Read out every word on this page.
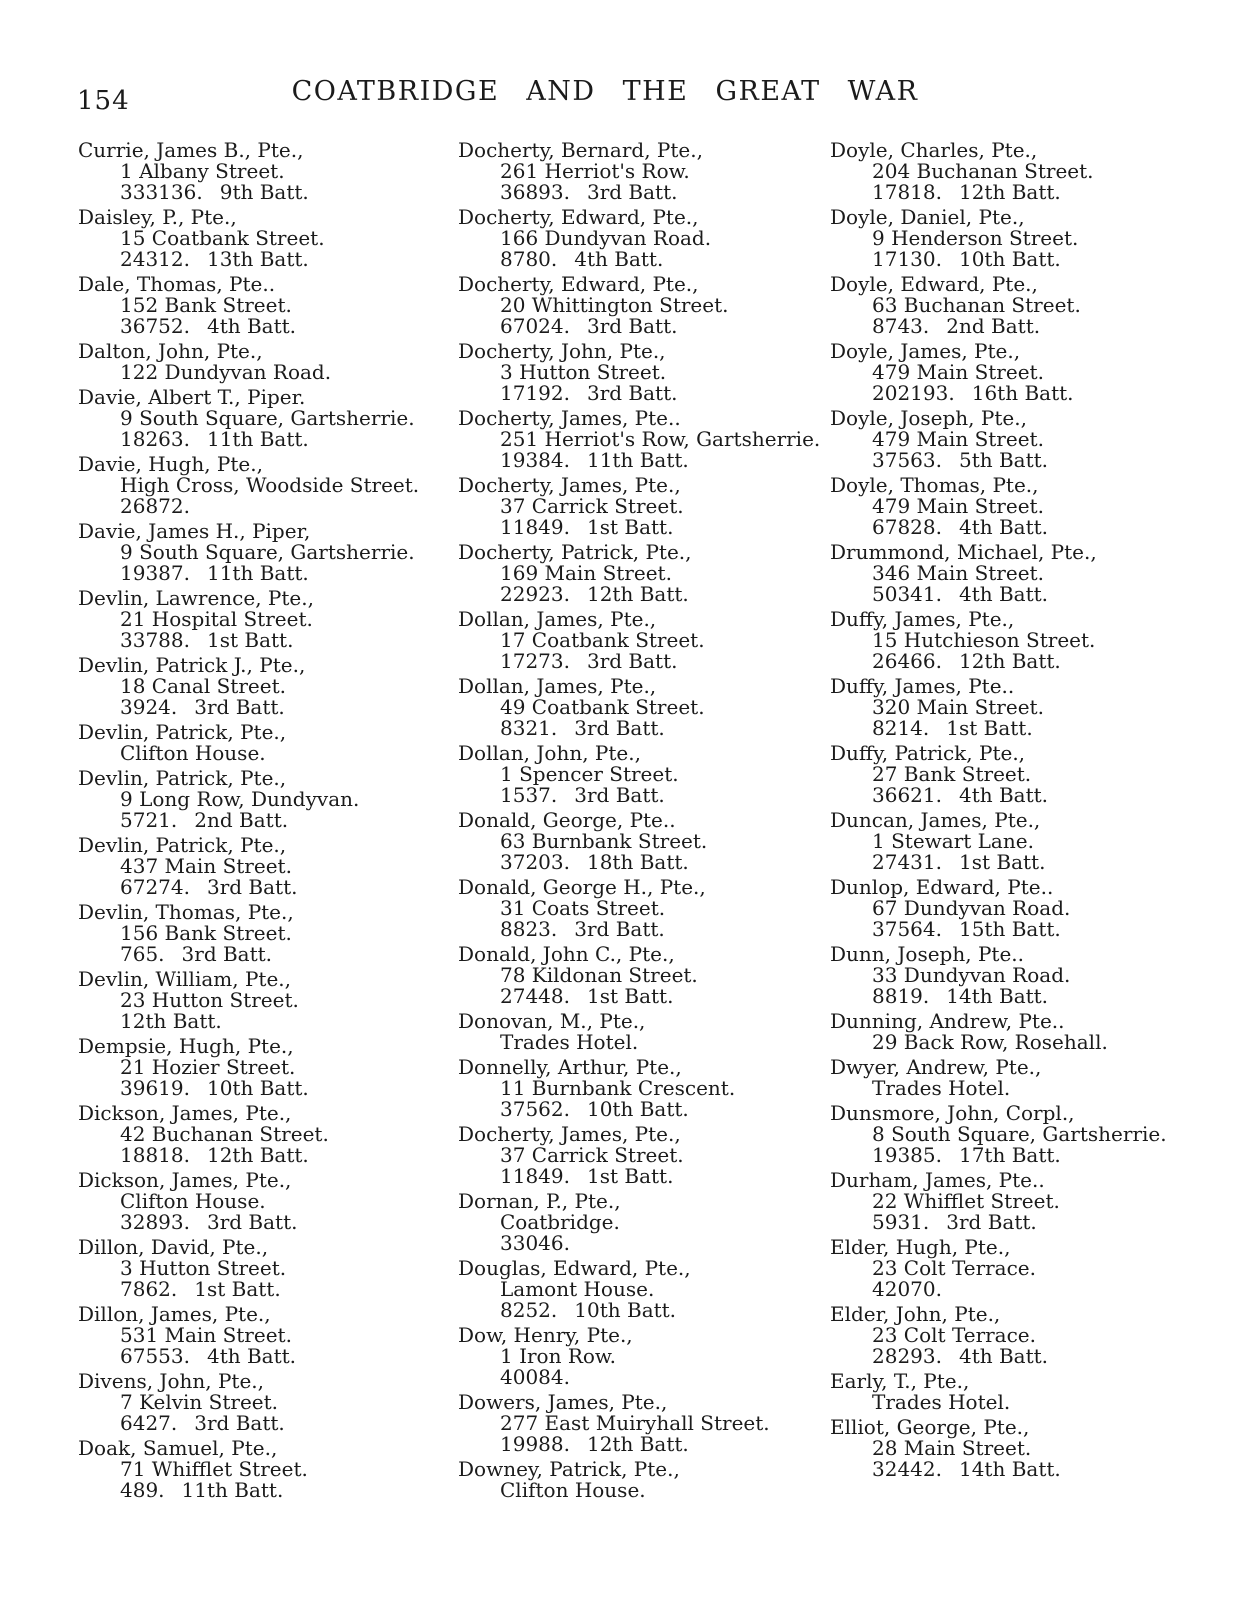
154	COATBRIDGE AND THE GREAT WAR
Currie, James B., Pte.,
1 Albany Street.
333136. 9th Batt.
Daisley, P., Pte.,
15 Coatbank Street.
24312. 13th Batt.
Dale, Thomas, Pte..
152 Bank Street.
36752. 4th Batt.
Dalton, John, Pte.,
122 Dundyvan Road.
Davie, Albert T., Piper.
9 South Square, Gartsherrie.
18263. 11th Batt.
Davie, Hugh, Pte.,
High Cross, Woodside Street.
26872.
Davie, James H., Piper,
9 South Square, Gartsherrie.
19387. 11th Batt.
Devlin, Lawrence, Pte.,
21 Hospital Street.
33788. 1st Batt.
Devlin, Patrick J., Pte.,
18 Canal Street.
3924. 3rd Batt.
Devlin, Patrick, Pte.,
Clifton House.
Devlin, Patrick, Pte.,
9 Long Row, Dundyvan.
5721. 2nd Batt.
Devlin, Patrick, Pte.,
437 Main Street.
67274. 3rd Batt.
Devlin, Thomas, Pte.,
156 Bank Street.
765. 3rd Batt.
Devlin, William, Pte.,
23 Hutton Street.
12th Batt.
Dempsie, Hugh, Pte.,
21 Hozier Street.
39619. 10th Batt.
Dickson, James, Pte.,
42 Buchanan Street.
18818. 12th Batt.
Dickson, James, Pte.,
Clifton House.
32893. 3rd Batt.
Dillon, David, Pte.,
3 Hutton Street.
7862. 1st Batt.
Dillon, James, Pte.,
531 Main Street.
67553. 4th Batt.
Divens, John, Pte.,
7 Kelvin Street.
6427. 3rd Batt.
Doak, Samuel, Pte.,
71 Whifflet Street.
489. 11th Batt.
Docherty, Bernard, Pte.,
261 Herriot's Row.
36893. 3rd Batt.
Docherty, Edward, Pte.,
166 Dundyvan Road.
8780. 4th Batt.
Docherty, Edward, Pte.,
20 Whittington Street.
67024. 3rd Batt.
Docherty, John, Pte.,
3 Hutton Street.
17192. 3rd Batt.
Docherty, James, Pte..
251 Herriot's Row, Gartsherrie.
19384. 11th Batt.
Docherty, James, Pte.,
37 Carrick Street.
11849. 1st Batt.
Docherty, Patrick, Pte.,
169 Main Street.
22923. 12th Batt.
Dollan, James, Pte.,
17 Coatbank Street.
17273. 3rd Batt.
Dollan, James, Pte.,
49 Coatbank Street.
8321. 3rd Batt.
Dollan, John, Pte.,
1 Spencer Street.
1537. 3rd Batt.
Donald, George, Pte..
63 Burnbank Street.
37203. 18th Batt.
Donald, George H., Pte.,
31 Coats Street.
8823. 3rd Batt.
Donald, John C., Pte.,
78 Kildonan Street.
27448. 1st Batt.
Donovan, M., Pte.,
Trades Hotel.
Donnelly, Arthur, Pte.,
11 Burnbank Crescent.
37562. 10th Batt.
Docherty, James, Pte.,
37 Carrick Street.
11849. 1st Batt.
Dornan, P., Pte.,
Coatbridge.
33046.
Douglas, Edward, Pte.,
Lamont House.
8252. 10th Batt.
Dow, Henry, Pte.,
1 Iron Row.
40084.
Dowers, James, Pte.,
277 East Muiryhall Street.
19988. 12th Batt.
Downey, Patrick, Pte.,
Clifton House.
Doyle, Charles, Pte.,
204 Buchanan Street.
17818. 12th Batt.
Doyle, Daniel, Pte.,
9 Henderson Street.
17130. 10th Batt.
Doyle, Edward, Pte.,
63 Buchanan Street.
8743. 2nd Batt.
Doyle, James, Pte.,
479 Main Street.
202193. 16th Batt.
Doyle, Joseph, Pte.,
479 Main Street.
37563. 5th Batt.
Doyle, Thomas, Pte.,
479 Main Street.
67828. 4th Batt.
Drummond, Michael, Pte.,
346 Main Street.
50341. 4th Batt.
Duffy, James, Pte.,
15 Hutchieson Street.
26466. 12th Batt.
Duffy, James, Pte..
320 Main Street.
8214. 1st Batt.
Duffy, Patrick, Pte.,
27 Bank Street.
36621. 4th Batt.
Duncan, James, Pte.,
1 Stewart Lane.
27431. 1st Batt.
Dunlop, Edward, Pte..
67 Dundyvan Road.
37564. 15th Batt.
Dunn, Joseph, Pte..
33 Dundyvan Road.
8819. 14th Batt.
Dunning, Andrew, Pte..
29 Back Row, Rosehall.
Dwyer, Andrew, Pte.,
Trades Hotel.
Dunsmore, John, Corpl.,
8 South Square, Gartsherrie.
19385. 17th Batt.
Durham, James, Pte..
22 Whifflet Street.
5931. 3rd Batt.
Elder, Hugh, Pte.,
23 Colt Terrace.
42070.
Elder, John, Pte.,
23 Colt Terrace.
28293. 4th Batt.
Early, T., Pte.,
Trades Hotel.
Elliot, George, Pte.,
28 Main Street.
32442. 14th Batt.
